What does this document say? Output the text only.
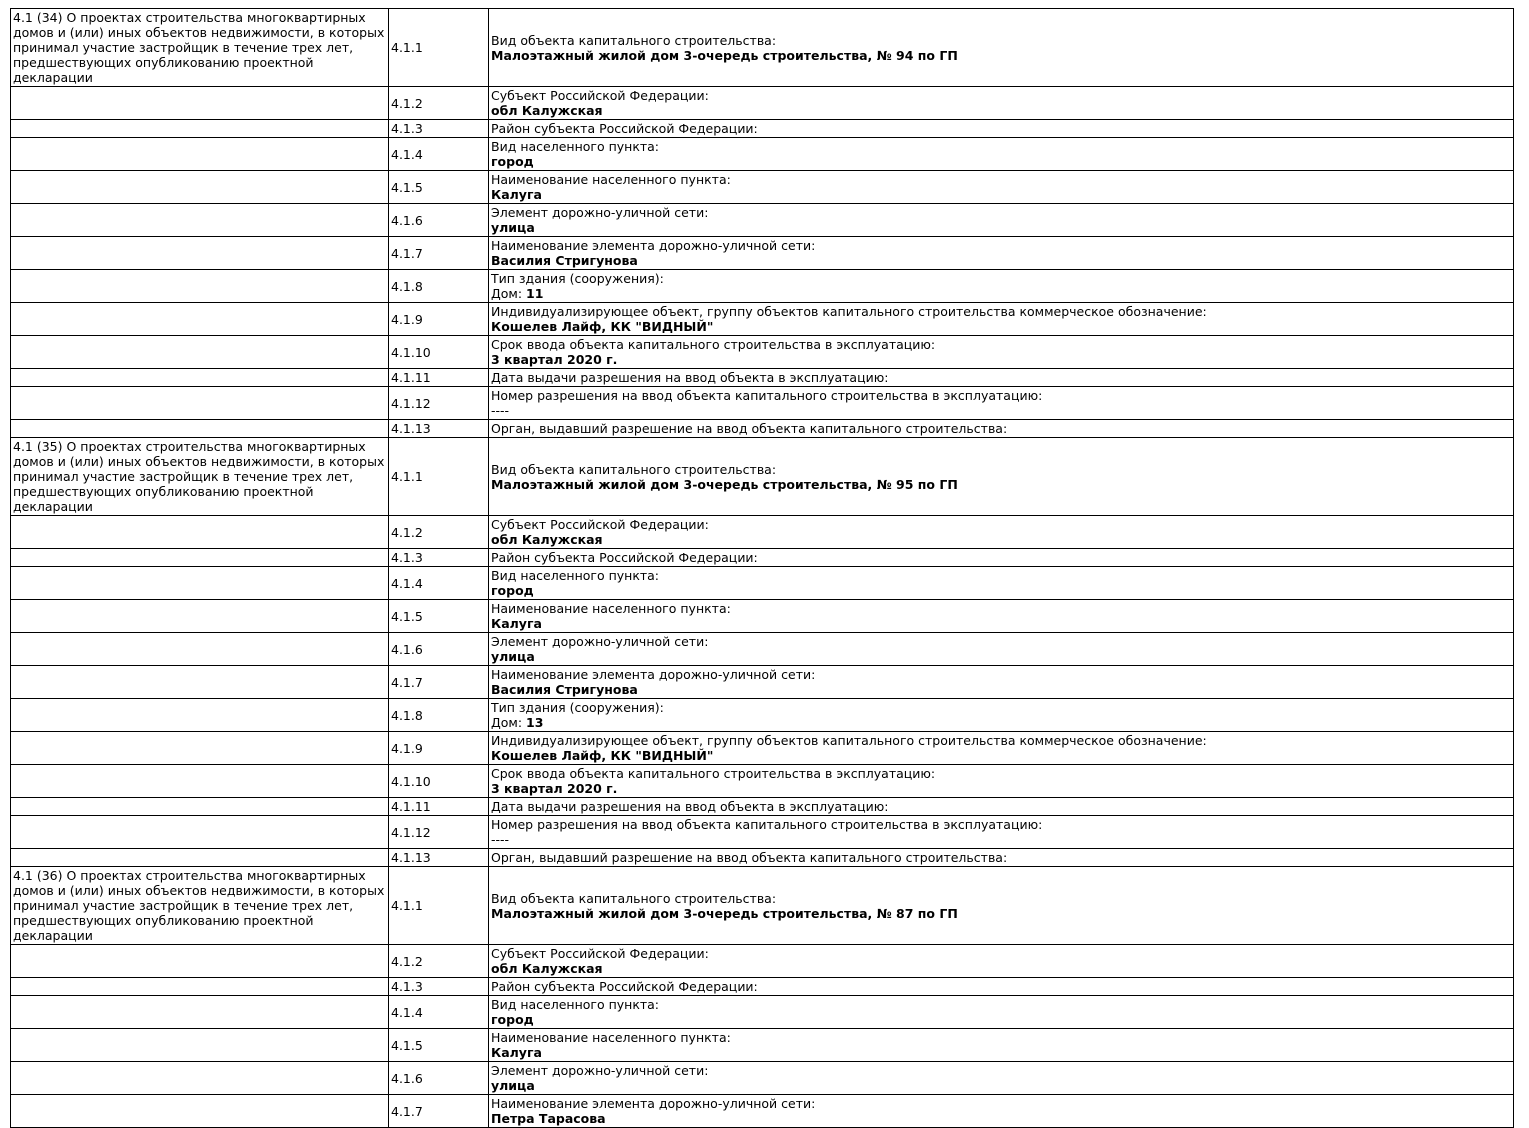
4.1 (34) О проектах строительства многоквартирных домов и (или) иных объектов недвижимости, в которых принимал участие застройщик в течение трех лет, предшествующих опубликованию проектной декларации	4.1.1	Вид объекта капитального строительства:
Малоэтажный жилой дом 3-очередь строительства, № 94 по ГП

	4.1.2	Субъект Российской Федерации:
обл Калужская

	4.1.3	Район субъекта Российской Федерации:

	4.1.4	Вид населенного пункта:
город

	4.1.5	Наименование населенного пункта:
Калуга

	4.1.6	Элемент дорожно-уличной сети:
улица

	4.1.7	Наименование элемента дорожно-уличной сети:
Василия Стригунова

	4.1.8	Тип здания (сооружения):
Дом: 11

	4.1.9	Индивидуализирующее объект, группу объектов капитального строительства коммерческое обозначение:
Кошелев Лайф, КК "ВИДНЫЙ"

	4.1.10	Срок ввода объекта капитального строительства в эксплуатацию:
3 квартал 2020 г.

	4.1.11	Дата выдачи разрешения на ввод объекта в эксплуатацию:

	4.1.12	Номер разрешения на ввод объекта капитального строительства в эксплуатацию:
----

	4.1.13	Орган, выдавший разрешение на ввод объекта капитального строительства:

4.1 (35) О проектах строительства многоквартирных домов и (или) иных объектов недвижимости, в которых принимал участие застройщик в течение трех лет, предшествующих опубликованию проектной декларации	4.1.1	Вид объекта капитального строительства:
Малоэтажный жилой дом 3-очередь строительства, № 95 по ГП

	4.1.2	Субъект Российской Федерации:
обл Калужская

	4.1.3	Район субъекта Российской Федерации:

	4.1.4	Вид населенного пункта:
город

	4.1.5	Наименование населенного пункта:
Калуга

	4.1.6	Элемент дорожно-уличной сети:
улица

	4.1.7	Наименование элемента дорожно-уличной сети:
Василия Стригунова

	4.1.8	Тип здания (сооружения):
Дом: 13

	4.1.9	Индивидуализирующее объект, группу объектов капитального строительства коммерческое обозначение:
Кошелев Лайф, КК "ВИДНЫЙ"

	4.1.10	Срок ввода объекта капитального строительства в эксплуатацию:
3 квартал 2020 г.

	4.1.11	Дата выдачи разрешения на ввод объекта в эксплуатацию:

	4.1.12	Номер разрешения на ввод объекта капитального строительства в эксплуатацию:
----

	4.1.13	Орган, выдавший разрешение на ввод объекта капитального строительства:

4.1 (36) О проектах строительства многоквартирных домов и (или) иных объектов недвижимости, в которых принимал участие застройщик в течение трех лет, предшествующих опубликованию проектной декларации	4.1.1	Вид объекта капитального строительства:
Малоэтажный жилой дом 3-очередь строительства, № 87 по ГП

	4.1.2	Субъект Российской Федерации:
обл Калужская

	4.1.3	Район субъекта Российской Федерации:

	4.1.4	Вид населенного пункта:
город

	4.1.5	Наименование населенного пункта:
Калуга

	4.1.6	Элемент дорожно-уличной сети:
улица

	4.1.7	Наименование элемента дорожно-уличной сети:
Петра Тарасова
